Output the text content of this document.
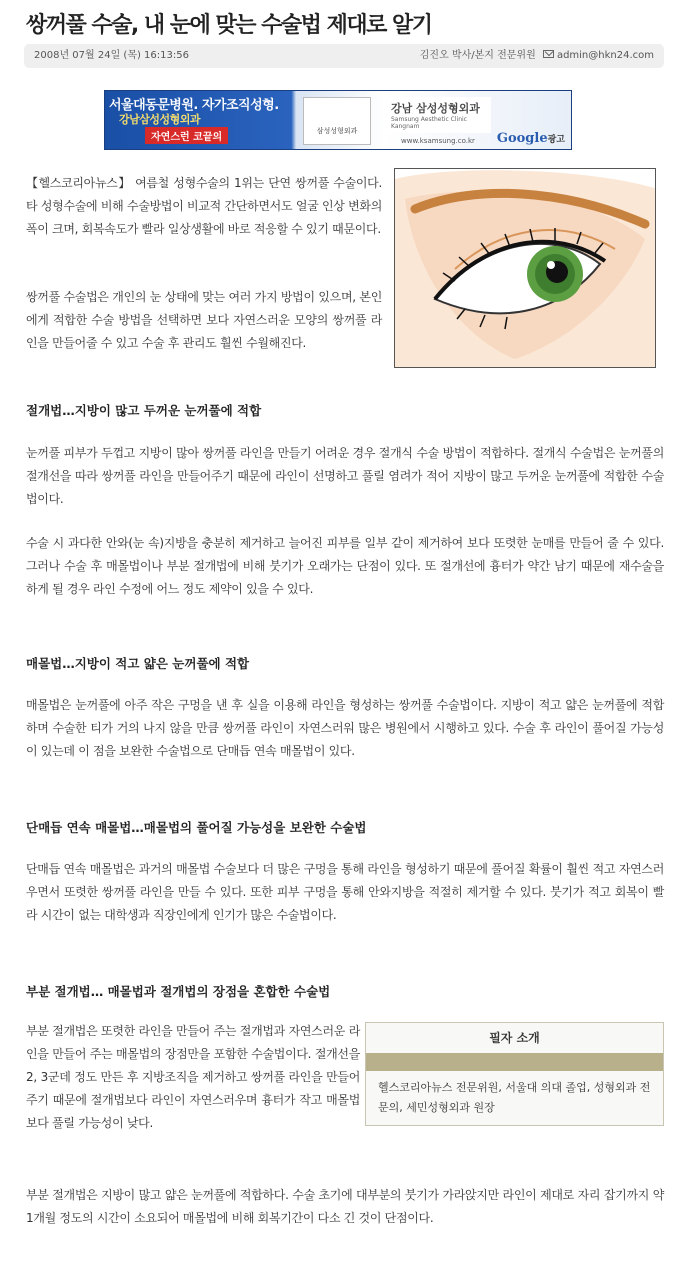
쌍꺼풀 수술, 내 눈에 맞는 수술법 제대로 알기
2008년 07월 24일 (목) 16:13:56	김진오 박사/본지 전문위원 admin@hkn24.com
서울대동문병원. 자가조직성형.
강남삼성성형외과
자연스런 코끝의
삼성성형외과
강남 삼성성형외과
Samsung Aesthetic Clinic Kangnam
www.ksamsung.co.kr Google광고
【헬스코리아뉴스】 여름철 성형수술의 1위는 단연 쌍꺼풀 수술이다. 타 성형수술에 비해 수술방법이 비교적 간단하면서도 얼굴 인상 변화의 폭이 크며, 회복속도가 빨라 일상생활에 바로 적응할 수 있기 때문이다.
쌍꺼풀 수술법은 개인의 눈 상태에 맞는 여러 가지 방법이 있으며, 본인에게 적합한 수술 방법을 선택하면 보다 자연스러운 모양의 쌍꺼풀 라인을 만들어줄 수 있고 수술 후 관리도 훨씬 수월해진다.
절개법…지방이 많고 두꺼운 눈꺼풀에 적합
눈꺼풀 피부가 두껍고 지방이 많아 쌍꺼풀 라인을 만들기 어려운 경우 절개식 수술 방법이 적합하다. 절개식 수술법은 눈꺼풀의 절개선을 따라 쌍꺼풀 라인을 만들어주기 때문에 라인이 선명하고 풀릴 염려가 적어 지방이 많고 두꺼운 눈꺼풀에 적합한 수술법이다.
수술 시 과다한 안와(눈 속)지방을 충분히 제거하고 늘어진 피부를 일부 같이 제거하여 보다 또렷한 눈매를 만들어 줄 수 있다. 그러나 수술 후 매몰법이나 부분 절개법에 비해 붓기가 오래가는 단점이 있다. 또 절개선에 흉터가 약간 남기 때문에 재수술을 하게 될 경우 라인 수정에 어느 정도 제약이 있을 수 있다.
매몰법…지방이 적고 얇은 눈꺼풀에 적합
매몰법은 눈꺼풀에 아주 작은 구멍을 낸 후 실을 이용해 라인을 형성하는 쌍꺼풀 수술법이다. 지방이 적고 얇은 눈꺼풀에 적합하며 수술한 티가 거의 나지 않을 만큼 쌍꺼풀 라인이 자연스러워 많은 병원에서 시행하고 있다. 수술 후 라인이 풀어질 가능성이 있는데 이 점을 보완한 수술법으로 단매듭 연속 매몰법이 있다.
단매듭 연속 매몰법…매몰법의 풀어질 가능성을 보완한 수술법
단매듭 연속 매몰법은 과거의 매몰법 수술보다 더 많은 구멍을 통해 라인을 형성하기 때문에 풀어질 확률이 훨씬 적고 자연스러우면서 또렷한 쌍꺼풀 라인을 만들 수 있다. 또한 피부 구멍을 통해 안와지방을 적절히 제거할 수 있다. 붓기가 적고 회복이 빨라 시간이 없는 대학생과 직장인에게 인기가 많은 수술법이다.
부분 절개법… 매몰법과 절개법의 장점을 혼합한 수술법
부분 절개법은 또렷한 라인을 만들어 주는 절개법과 자연스러운 라인을 만들어 주는 매몰법의 장점만을 포함한 수술법이다. 절개선을 2, 3군데 정도 만든 후 지방조직을 제거하고 쌍꺼풀 라인을 만들어 주기 때문에 절개법보다 라인이 자연스러우며 흉터가 작고 매몰법보다 풀릴 가능성이 낮다.
필자 소개
헬스코리아뉴스 전문위원, 서울대 의대 졸업, 성형외과 전문의, 세민성형외과 원장
부분 절개법은 지방이 많고 얇은 눈꺼풀에 적합하다. 수술 초기에 대부분의 붓기가 가라앉지만 라인이 제대로 자리 잡기까지 약 1개월 정도의 시간이 소요되어 매몰법에 비해 회복기간이 다소 긴 것이 단점이다.
